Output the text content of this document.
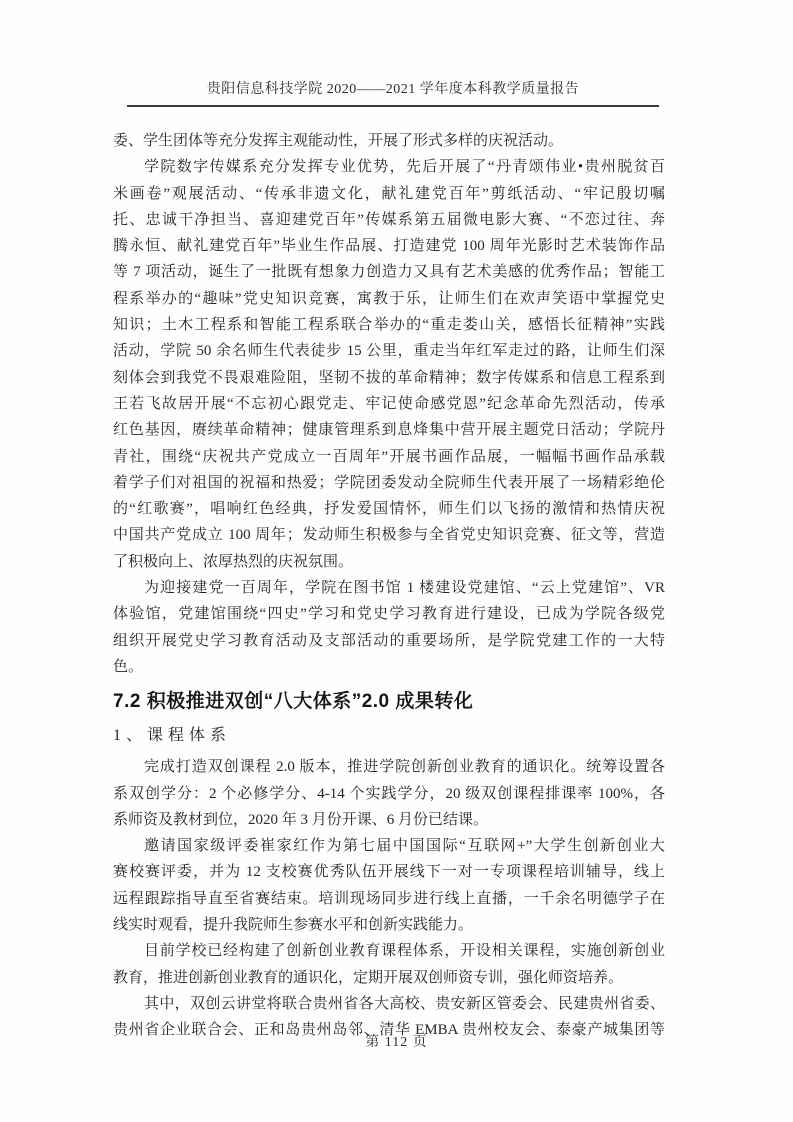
贵阳信息科技学院 2020——2021 学年度本科教学质量报告
委、学生团体等充分发挥主观能动性，开展了形式多样的庆祝活动。
学院数字传媒系充分发挥专业优势，先后开展了“丹青颂伟业•贵州脱贫百
米画卷”观展活动、“传承非遗文化，献礼建党百年”剪纸活动、“牢记殷切嘱
托、忠诚干净担当、喜迎建党百年”传媒系第五届微电影大赛、“不恋过往、奔
腾永恒、献礼建党百年”毕业生作品展、打造建党 100 周年光影时艺术装饰作品
等 7 项活动，诞生了一批既有想象力创造力又具有艺术美感的优秀作品；智能工
程系举办的“趣味”党史知识竞赛，寓教于乐，让师生们在欢声笑语中掌握党史
知识；土木工程系和智能工程系联合举办的“重走娄山关，感悟长征精神”实践
活动，学院 50 余名师生代表徒步 15 公里，重走当年红军走过的路，让师生们深
刻体会到我党不畏艰难险阻，坚韧不拔的革命精神；数字传媒系和信息工程系到
王若飞故居开展“不忘初心跟党走、牢记使命感党恩”纪念革命先烈活动，传承
红色基因，赓续革命精神；健康管理系到息烽集中营开展主题党日活动；学院丹
青社，围绕“庆祝共产党成立一百周年”开展书画作品展，一幅幅书画作品承载
着学子们对祖国的祝福和热爱；学院团委发动全院师生代表开展了一场精彩绝伦
的“红歌赛”，唱响红色经典，抒发爱国情怀，师生们以飞扬的激情和热情庆祝
中国共产党成立 100 周年；发动师生积极参与全省党史知识竞赛、征文等，营造
了积极向上、浓厚热烈的庆祝氛围。
为迎接建党一百周年，学院在图书馆 1 楼建设党建馆、“云上党建馆”、VR
体验馆，党建馆围绕“四史”学习和党史学习教育进行建设，已成为学院各级党
组织开展党史学习教育活动及支部活动的重要场所，是学院党建工作的一大特
色。
7.2 积极推进双创“八大体系”2.0 成果转化
1、课程体系
完成打造双创课程 2.0 版本，推进学院创新创业教育的通识化。统筹设置各
系双创学分：2 个必修学分、4-14 个实践学分，20 级双创课程排课率 100%，各
系师资及教材到位，2020 年 3 月份开课、6 月份已结课。
邀请国家级评委崔家红作为第七届中国国际“互联网+”大学生创新创业大
赛校赛评委，并为 12 支校赛优秀队伍开展线下一对一专项课程培训辅导，线上
远程跟踪指导直至省赛结束。培训现场同步进行线上直播，一千余名明德学子在
线实时观看，提升我院师生参赛水平和创新实践能力。
目前学校已经构建了创新创业教育课程体系，开设相关课程，实施创新创业
教育，推进创新创业教育的通识化，定期开展双创师资专训，强化师资培养。
其中，双创云讲堂将联合贵州省各大高校、贵安新区管委会、民建贵州省委、
贵州省企业联合会、正和岛贵州岛邻、清华 EMBA 贵州校友会、泰豪产城集团等
第 112 页
